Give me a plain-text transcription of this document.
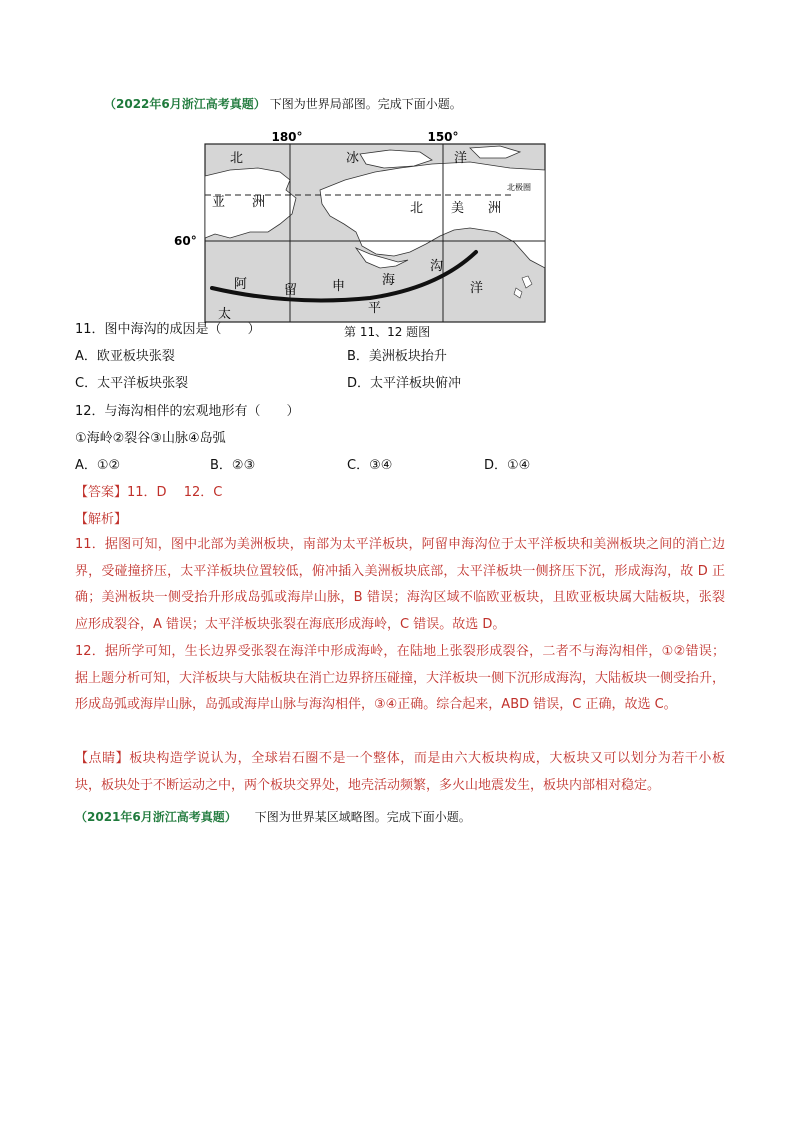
（2022年6月浙江高考真题） 下图为世界局部图。完成下面小题。
180°	150°
60°
北极圈
北	冰	洋
亚 洲	北 美 洲
阿	留	申	海
沟
太	平
洋
11．图中海沟的成因是（　　）	第 11、12 题图
A．欧亚板块张裂	B．美洲板块抬升
C．太平洋板块张裂	D．太平洋板块俯冲
12．与海沟相伴的宏观地形有（　　）
①海岭②裂谷③山脉④岛弧
A．①②	B．②③	C．③④	D．①④
【答案】11．D　 12．C
【解析】
11．据图可知，图中北部为美洲板块，南部为太平洋板块，阿留申海沟位于太平洋板块和美洲板块之间的消亡边界，受碰撞挤压，太平洋板块位置较低，俯冲插入美洲板块底部，太平洋板块一侧挤压下沉，形成海沟，故 D 正确；美洲板块一侧受抬升形成岛弧或海岸山脉，B 错误；海沟区域不临欧亚板块，且欧亚板块属大陆板块，张裂应形成裂谷，A 错误；太平洋板块张裂在海底形成海岭，C 错误。故选 D。
12．据所学可知，生长边界受张裂在海洋中形成海岭，在陆地上张裂形成裂谷，二者不与海沟相伴，①②错误；据上题分析可知，大洋板块与大陆板块在消亡边界挤压碰撞，大洋板块一侧下沉形成海沟，大陆板块一侧受抬升，形成岛弧或海岸山脉，岛弧或海岸山脉与海沟相伴，③④正确。综合起来，ABD 错误，C 正确，故选 C。
【点睛】板块构造学说认为，全球岩石圈不是一个整体，而是由六大板块构成，大板块又可以划分为若干小板块，板块处于不断运动之中，两个板块交界处，地壳活动频繁，多火山地震发生，板块内部相对稳定。
（2021年6月浙江高考真题） 下图为世界某区域略图。完成下面小题。
